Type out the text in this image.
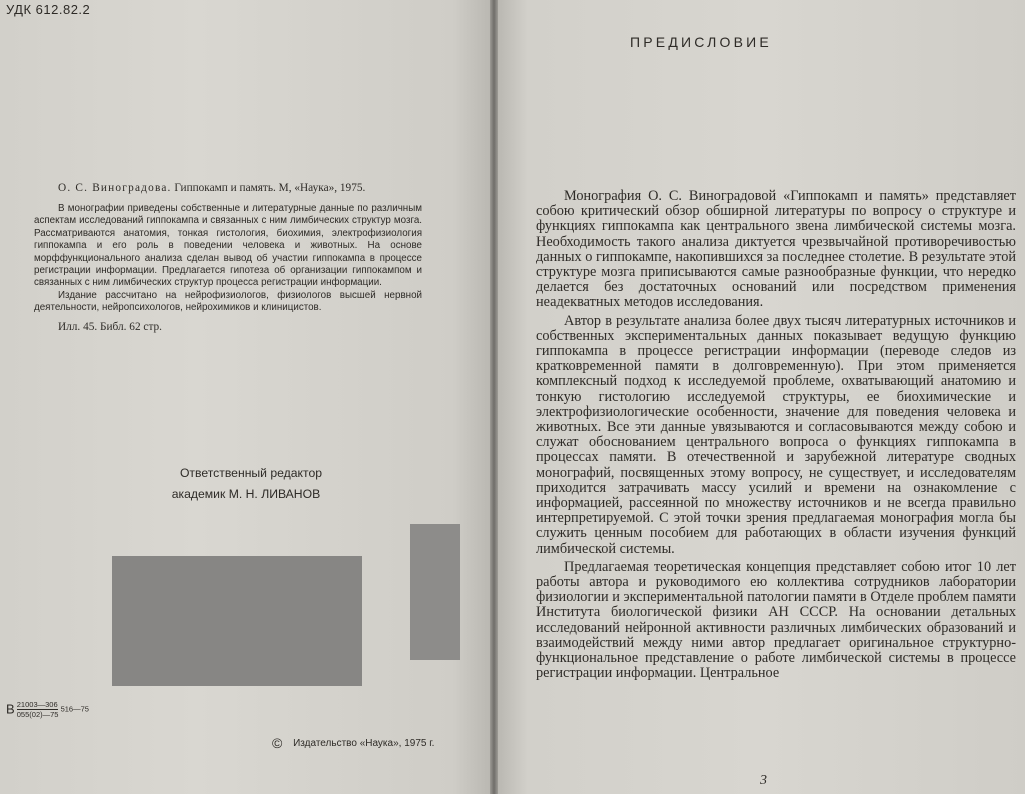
УДК 612.82.2

О. С. Виноградова. Гиппокамп и память. М, «Наука», 1975.

В монографии приведены собственные и литературные данные по различным аспектам исследований гиппокампа и связанных с ним лимбических структур мозга. Рассматриваются анатомия, тонкая гистология, биохимия, электрофизиология гиппокампа и его роль в поведении человека и животных. На основе морффункционального анализа сделан вывод об участии гиппокампа в процессе регистрации информации. Предлагается гипотеза об организации гиппокампом и связанных с ним лимбических структур процесса регистрации информации.

Издание рассчитано на нейрофизиологов, физиологов высшей нервной деятельности, нейропсихологов, нейрохимиков и клиницистов.

Илл. 45. Библ. 62 стр.

Ответственный редактор
академик М. Н. ЛИВАНОВ
В $\frac{21003—306}{055(02)—75}$ 516—75
© Издательство «Наука», 1975 г.
ПРЕДИСЛОВИЕ

Монография О. С. Виноградовой «Гиппокамп и память» представляет собою критический обзор обширной литературы по вопросу о структуре и функциях гиппокампа как центрального звена лимбической системы мозга. Необходимость такого анализа диктуется чрезвычайной противоречивостью данных о гиппокампе, накопившихся за последнее столетие. В результате этой структуре мозга приписываются самые разнообразные функции, что нередко делается без достаточных оснований или посредством применения неадекватных методов исследования.

Автор в результате анализа более двух тысяч литературных источников и собственных экспериментальных данных показывает ведущую функцию гиппокампа в процессе регистрации информации (переводе следов из кратковременной памяти в долговременную). При этом применяется комплексный подход к исследуемой проблеме, охватывающий анатомию и тонкую гистологию исследуемой структуры, ее биохимические и электрофизиологические особенности, значение для поведения человека и животных. Все эти данные увязываются и согласовываются между собою и служат обоснованием центрального вопроса о функциях гиппокампа в процессах памяти. В отечественной и зарубежной литературе сводных монографий, посвященных этому вопросу, не существует, и исследователям приходится затрачивать массу усилий и времени на ознакомление с информацией, рассеянной по множеству источников и не всегда правильно интерпретируемой. С этой точки зрения предлагаемая монография могла бы служить ценным пособием для работающих в области изучения функций лимбической системы.

Предлагаемая теоретическая концепция представляет собою итог 10 лет работы автора и руководимого ею коллектива сотрудников лаборатории физиологии и экспериментальной патологии памяти в Отделе проблем памяти Института биологической физики АН СССР. На основании детальных исследований нейронной активности различных лимбических образований и взаимодействий между ними автор предлагает оригинальное структурно-функциональное представление о работе лимбической системы в процессе регистрации информации. Центральное

3
